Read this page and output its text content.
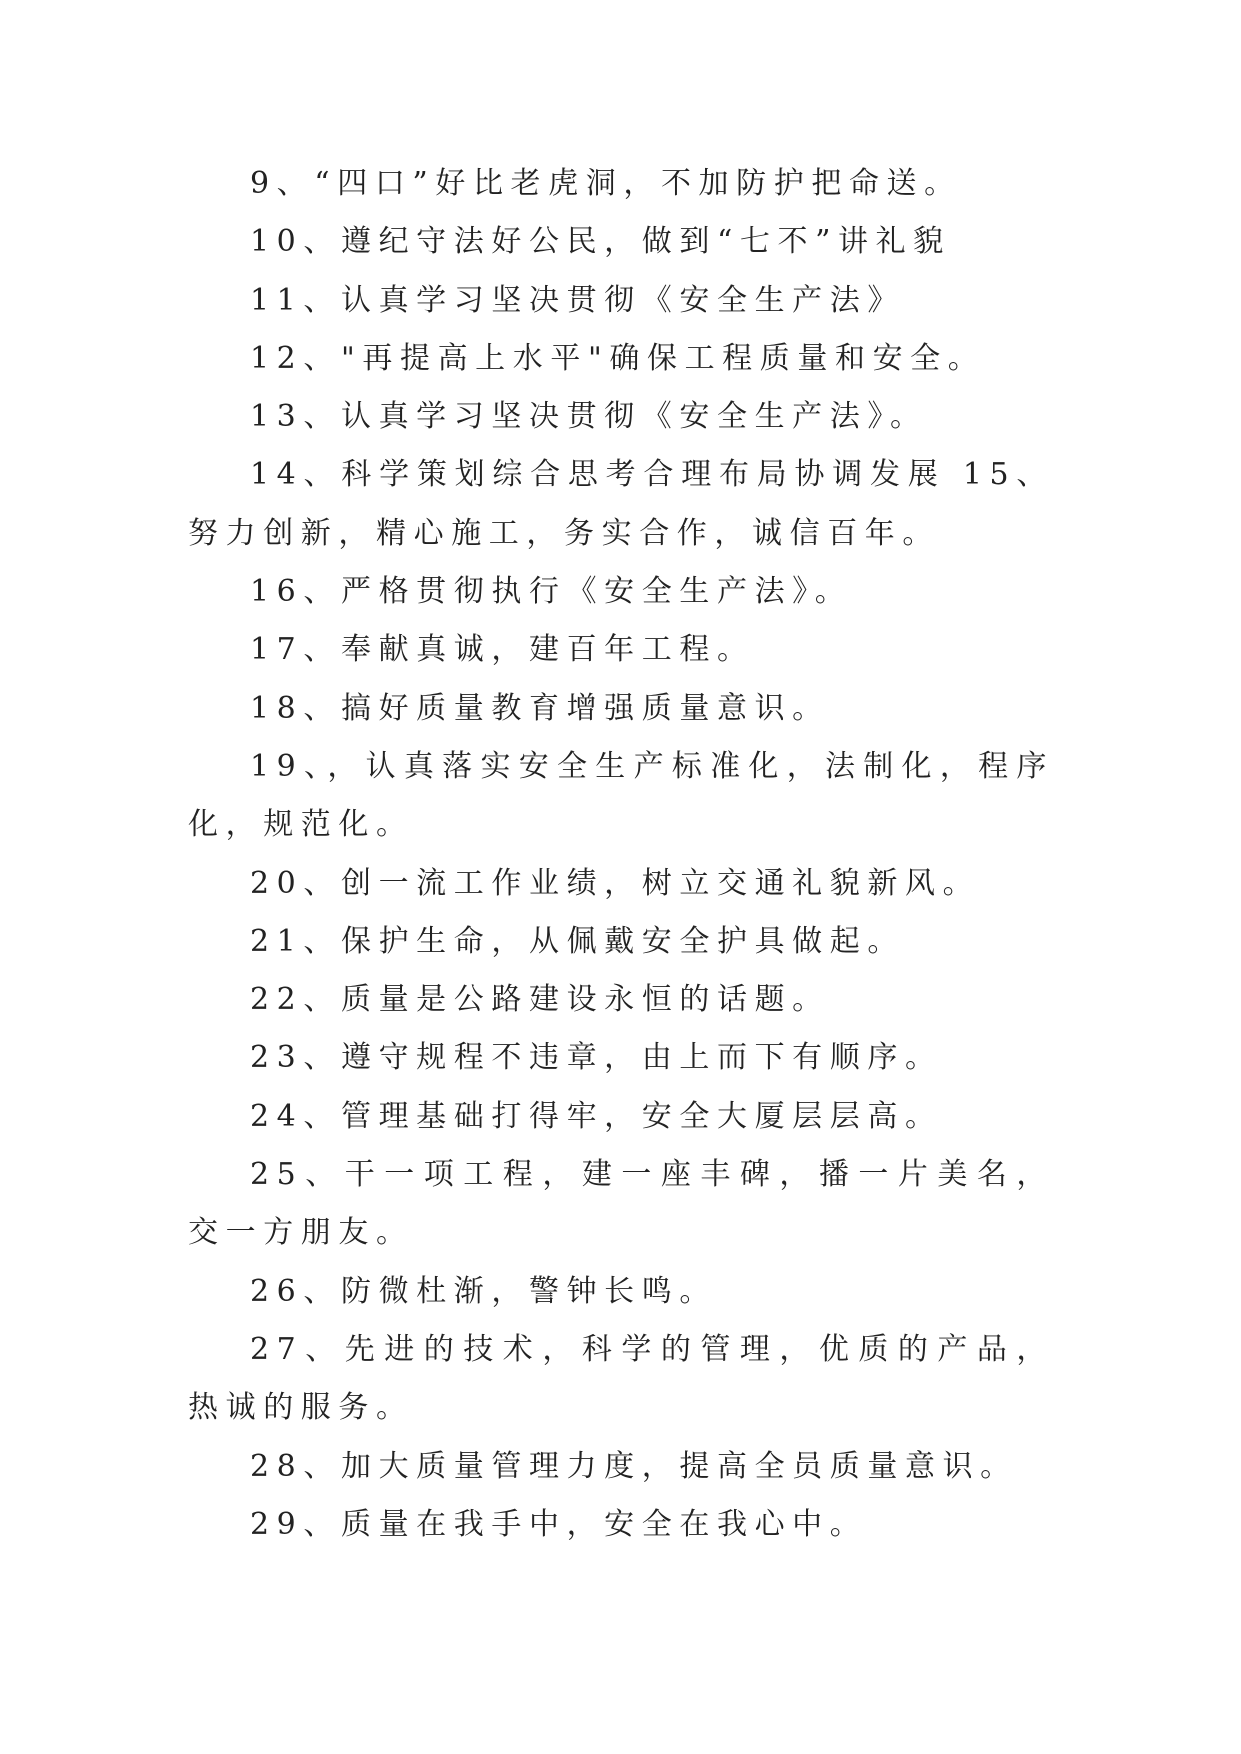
9、“四口”好比老虎洞，不加防护把命送。

10、遵纪守法好公民，做到“七不”讲礼貌

11、认真学习坚决贯彻《安全生产法》

12、"再提高上水平"确保工程质量和安全。

13、认真学习坚决贯彻《安全生产法》。

14、科学策划综合思考合理布局协调发展 15、努力创新，精心施工，务实合作，诚信百年。

16、严格贯彻执行《安全生产法》。

17、奉献真诚，建百年工程。

18、搞好质量教育增强质量意识。

19、，认真落实安全生产标准化，法制化，程序化，规范化。

20、创一流工作业绩，树立交通礼貌新风。

21、保护生命，从佩戴安全护具做起。

22、质量是公路建设永恒的话题。

23、遵守规程不违章，由上而下有顺序。

24、管理基础打得牢，安全大厦层层高。

25、干一项工程，建一座丰碑，播一片美名，交一方朋友。

26、防微杜渐，警钟长鸣。

27、先进的技术，科学的管理，优质的产品，热诚的服务。

28、加大质量管理力度，提高全员质量意识。

29、质量在我手中，安全在我心中。
